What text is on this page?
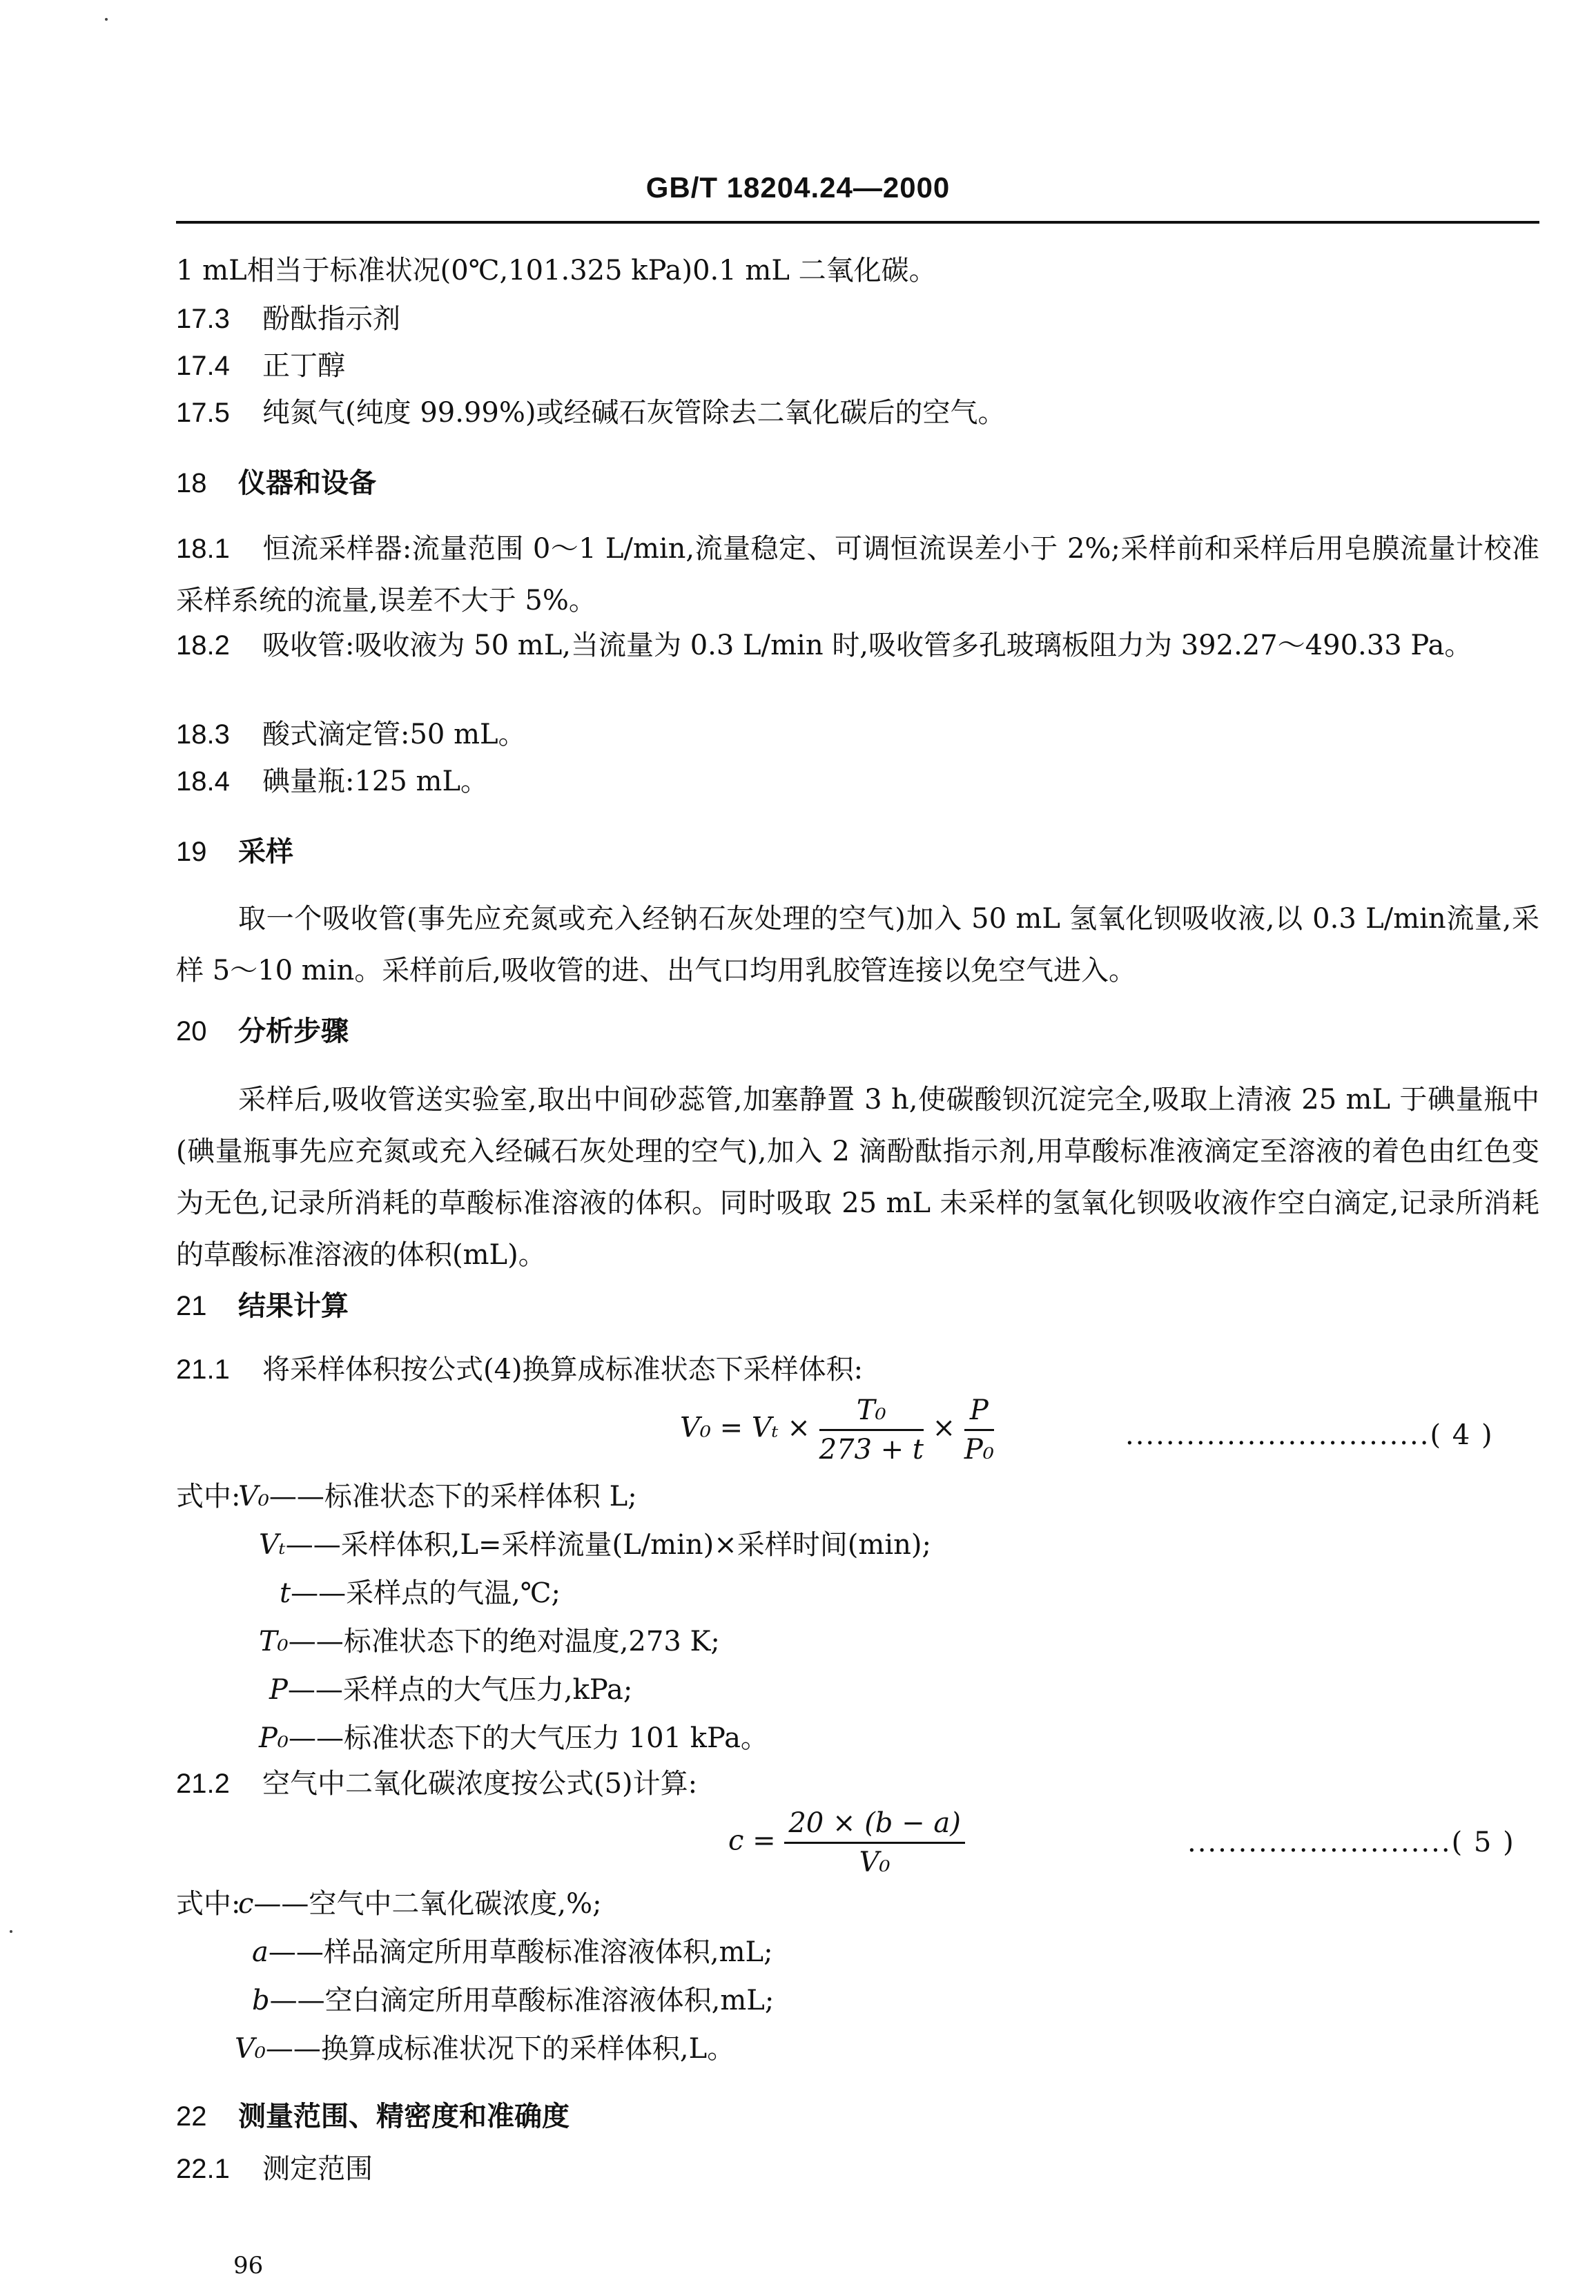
GB/T 18204.24—2000
1 mL相当于标准状况(0℃,101.325 kPa)0.1 mL 二氧化碳。
17.3 酚酞指示剂
17.4 正丁醇
17.5 纯氮气(纯度 99.99%)或经碱石灰管除去二氧化碳后的空气。
18 仪器和设备
18.1 恒流采样器:流量范围 0～1 L/min,流量稳定、可调恒流误差小于 2%;采样前和采样后用皂膜流量计校准采样系统的流量,误差不大于 5%。
18.2 吸收管:吸收液为 50 mL,当流量为 0.3 L/min 时,吸收管多孔玻璃板阻力为 392.27～490.33 Pa。
18.3 酸式滴定管:50 mL。
18.4 碘量瓶:125 mL。
19 采样
取一个吸收管(事先应充氮或充入经钠石灰处理的空气)加入 50 mL 氢氧化钡吸收液,以 0.3 L/min流量,采样 5～10 min。采样前后,吸收管的进、出气口均用乳胶管连接以免空气进入。
20 分析步骤
采样后,吸收管送实验室,取出中间砂蕊管,加塞静置 3 h,使碳酸钡沉淀完全,吸取上清液 25 mL 于碘量瓶中(碘量瓶事先应充氮或充入经碱石灰处理的空气),加入 2 滴酚酞指示剂,用草酸标准液滴定至溶液的着色由红色变为无色,记录所消耗的草酸标准溶液的体积。同时吸取 25 mL 未采样的氢氧化钡吸收液作空白滴定,记录所消耗的草酸标准溶液的体积(mL)。
21 结果计算
21.1 将采样体积按公式(4)换算成标准状态下采样体积:
$V_0 = V_t \times \frac{\text{T₀}}{273 + t} \times \frac{P}{\text{P₀}}$	..............................( 4 )
式中:
V₀——标准状态下的采样体积 L;
Vₜ——采样体积,L=采样流量(L/min)×采样时间(min);
t——采样点的气温,℃;
T₀——标准状态下的绝对温度,273 K;
P——采样点的大气压力,kPa;
P₀——标准状态下的大气压力 101 kPa。
21.2 空气中二氧化碳浓度按公式(5)计算:
$c = \frac{20 \times (b - a)}{\text{V₀}}$	..........................( 5 )
式中:
c——空气中二氧化碳浓度,%;
a——样品滴定所用草酸标准溶液体积,mL;
b——空白滴定所用草酸标准溶液体积,mL;
V₀——换算成标准状况下的采样体积,L。
22 测量范围、精密度和准确度
22.1 测定范围
96
